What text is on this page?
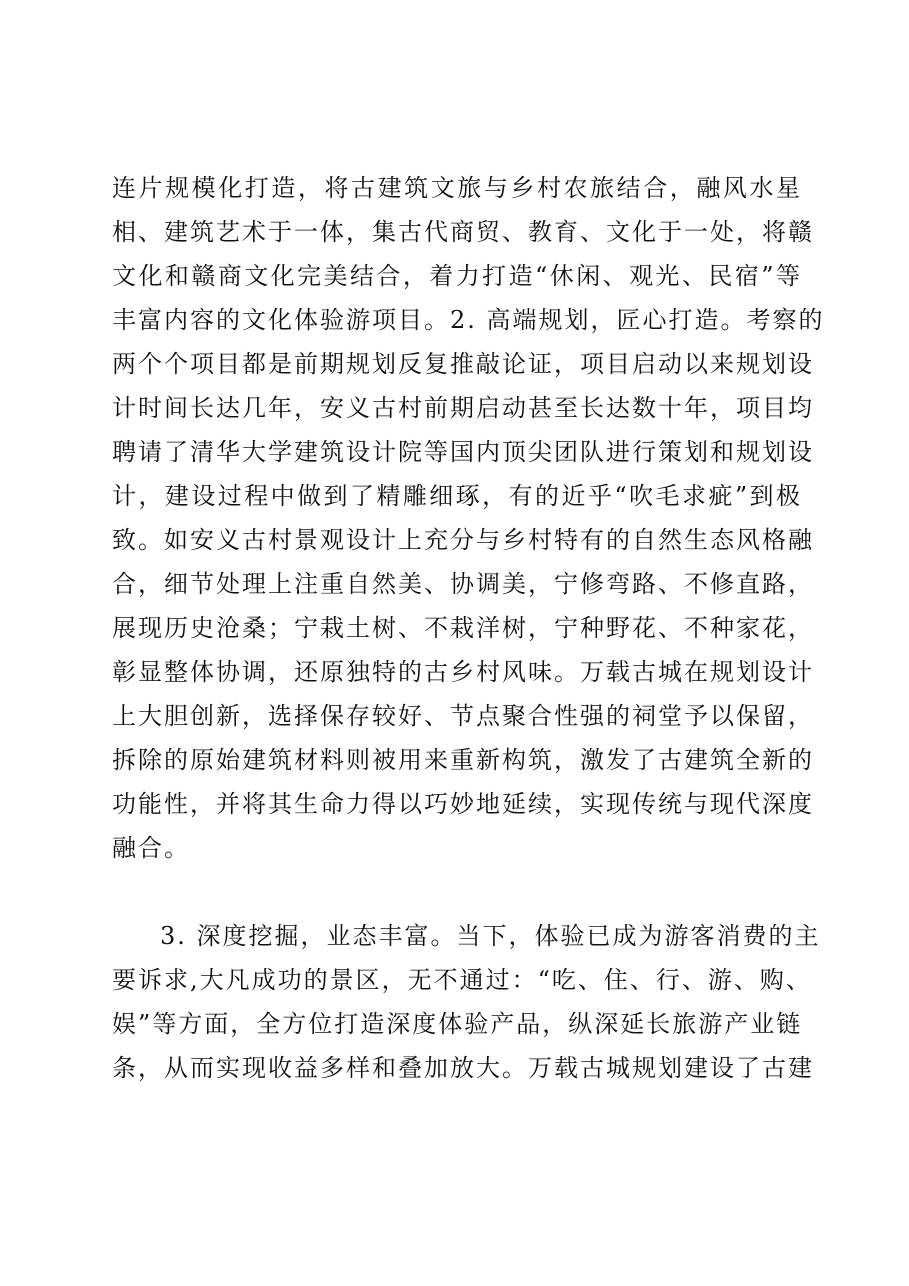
连片规模化打造，将古建筑文旅与乡村农旅结合，融风水星
相、建筑艺术于一体，集古代商贸、教育、文化于一处，将赣
文化和赣商文化完美结合，着力打造“休闲、观光、民宿”等
丰富内容的文化体验游项目。2. 高端规划，匠心打造。考察的
两个个项目都是前期规划反复推敲论证，项目启动以来规划设
计时间长达几年，安义古村前期启动甚至长达数十年，项目均
聘请了清华大学建筑设计院等国内顶尖团队进行策划和规划设
计，建设过程中做到了精雕细琢，有的近乎“吹毛求疵”到极
致。如安义古村景观设计上充分与乡村特有的自然生态风格融
合，细节处理上注重自然美、协调美，宁修弯路、不修直路，
展现历史沧桑；宁栽土树、不栽洋树，宁种野花、不种家花，
彰显整体协调，还原独特的古乡村风味。万载古城在规划设计
上大胆创新，选择保存较好、节点聚合性强的祠堂予以保留，
拆除的原始建筑材料则被用来重新构筑，激发了古建筑全新的
功能性，并将其生命力得以巧妙地延续，实现传统与现代深度
融合。
3. 深度挖掘，业态丰富。当下，体验已成为游客消费的主
要诉求,大凡成功的景区，无不通过：“吃、住、行、游、购、
娱”等方面，全方位打造深度体验产品，纵深延长旅游产业链
条，从而实现收益多样和叠加放大。万载古城规划建设了古建
